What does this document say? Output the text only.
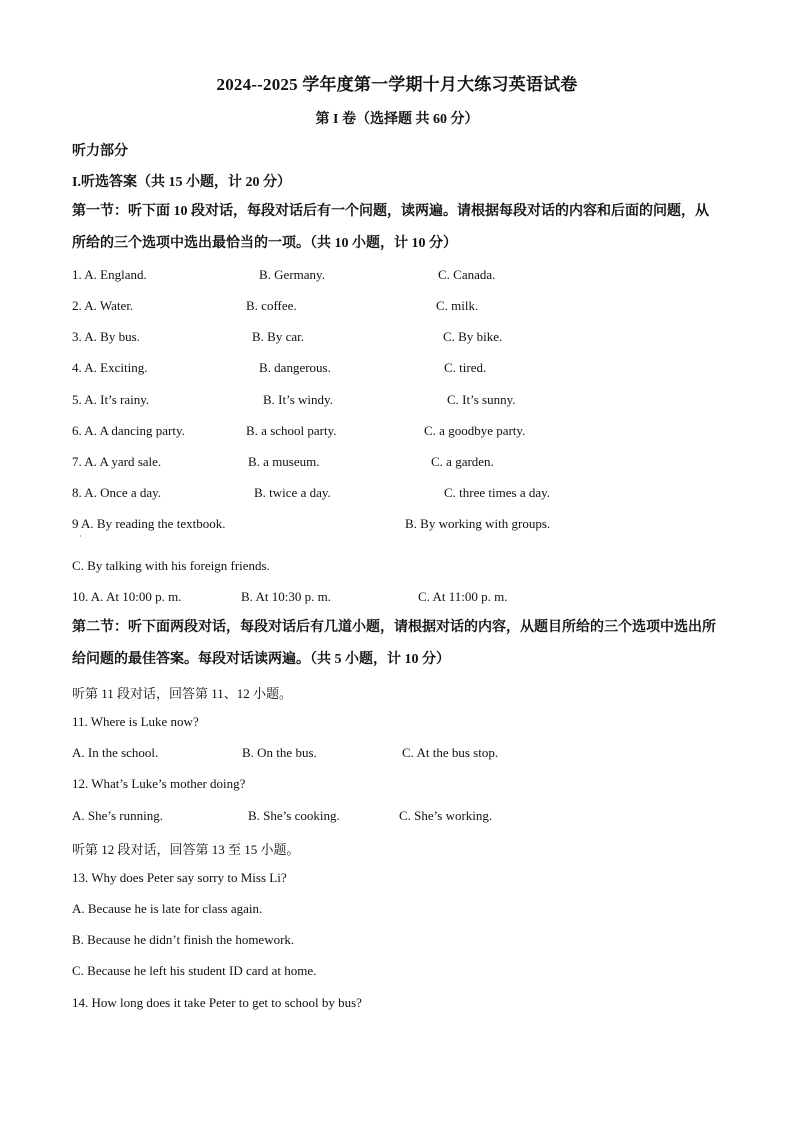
2024--2025 学年度第一学期十月大练习英语试卷
第 I 卷（选择题 共 60 分）
听力部分
I.听选答案（共 15 小题，计 20 分）
第一节：听下面 10 段对话，每段对话后有一个问题，读两遍。请根据每段对话的内容和后面的问题，从所给的三个选项中选出最恰当的一项。（共 10 小题，计 10 分）
1. A. England.	B. Germany.	C. Canada.
2. A. Water.	B. coffee.	C. milk.
3. A. By bus.	B. By car.	C. By bike.
4. A. Exciting.	B. dangerous.	C. tired.
5. A. It’s rainy.	B. It’s windy.	C. It’s sunny.
6. A. A dancing party.	B. a school party.	C. a goodbye party.
7. A. A yard sale.	B. a museum.	C. a garden.
8. A. Once a day.	B. twice a day.	C. three times a day.
9 A. By reading the textbook.
·
B. By working with groups.
C. By talking with his foreign friends.
10. A. At 10:00 p. m.	B. At 10:30 p. m.	C. At 11:00 p. m.
第二节：听下面两段对话，每段对话后有几道小题，请根据对话的内容，从题目所给的三个选项中选出所给问题的最佳答案。每段对话读两遍。（共 5 小题，计 10 分）
听第 11 段对话，回答第 11、12 小题。
11. Where is Luke now?
A. In the school.	B. On the bus.	C. At the bus stop.
12. What’s Luke’s mother doing?
A. She’s running.	B. She’s cooking.	C. She’s working.
听第 12 段对话，回答第 13 至 15 小题。
13. Why does Peter say sorry to Miss Li?
A. Because he is late for class again.
B. Because he didn’t finish the homework.
C. Because he left his student ID card at home.
14. How long does it take Peter to get to school by bus?
